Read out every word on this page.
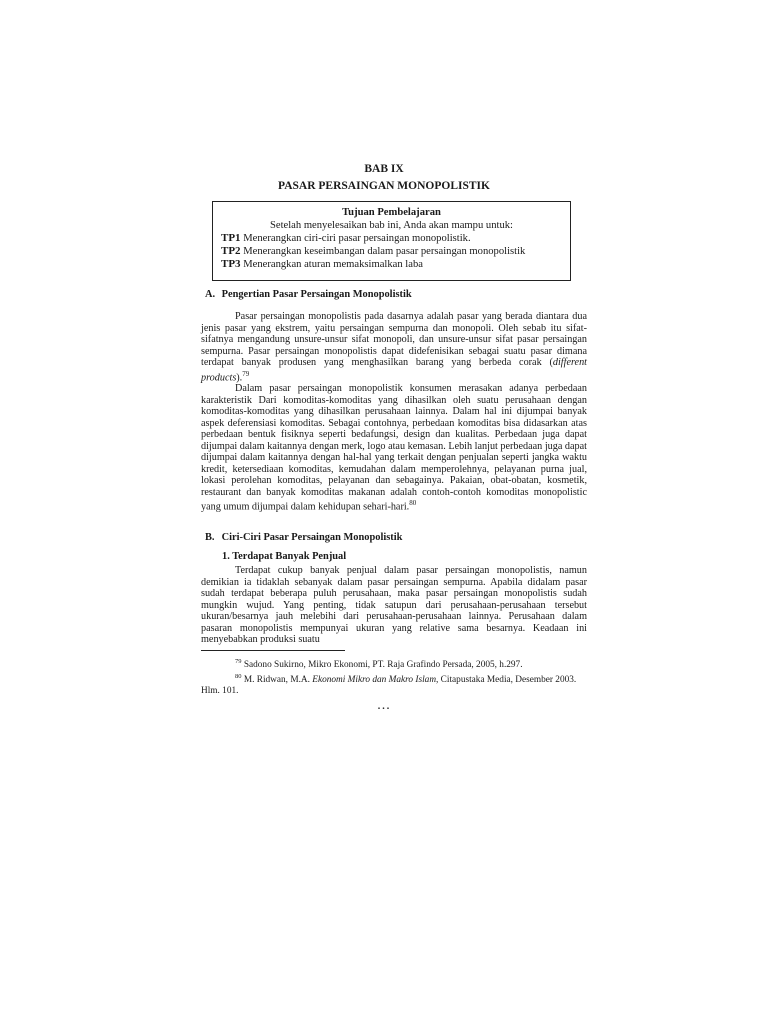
BAB IX
PASAR PERSAINGAN MONOPOLISTIK
Tujuan Pembelajaran
Setelah menyelesaikan bab ini, Anda akan mampu untuk:
TP1 Menerangkan ciri-ciri pasar persaingan monopolistik.
TP2 Menerangkan keseimbangan dalam pasar persaingan monopolistik
TP3 Menerangkan aturan memaksimalkan laba
A. Pengertian Pasar Persaingan Monopolistik

Pasar persaingan monopolistis pada dasarnya adalah pasar yang berada diantara dua jenis pasar yang ekstrem, yaitu persaingan sempurna dan monopoli. Oleh sebab itu sifat-sifatnya mengandung unsure-unsur sifat monopoli, dan unsure-unsur sifat pasar persaingan sempurna. Pasar persaingan monopolistis dapat didefenisikan sebagai suatu pasar dimana terdapat banyak produsen yang menghasilkan barang yang berbeda corak (different products).$^{79}$

Dalam pasar persaingan monopolistik konsumen merasakan adanya perbedaan karakteristik Dari komoditas-komoditas yang dihasilkan oleh suatu perusahaan dengan komoditas-komoditas yang dihasilkan perusahaan lainnya. Dalam hal ini dijumpai banyak aspek deferensiasi komoditas. Sebagai contohnya, perbedaan komoditas bisa didasarkan atas perbedaan bentuk fisiknya seperti bedafungsi, design dan kualitas. Perbedaan juga dapat dijumpai dalam kaitannya dengan merk, logo atau kemasan. Lebih lanjut perbedaan juga dapat dijumpai dalam kaitannya dengan hal-hal yang terkait dengan penjualan seperti jangka waktu kredit, ketersediaan komoditas, kemudahan dalam memperolehnya, pelayanan purna jual, lokasi perolehan komoditas, pelayanan dan sebagainya. Pakaian, obat-obatan, kosmetik, restaurant dan banyak komoditas makanan adalah contoh-contoh komoditas monopolistic yang umum dijumpai dalam kehidupan sehari-hari.$^{80}$

B. Ciri-Ciri Pasar Persaingan Monopolistik
1. Terdapat Banyak Penjual

Terdapat cukup banyak penjual dalam pasar persaingan monopolistis, namun demikian ia tidaklah sebanyak dalam pasar persaingan sempurna. Apabila didalam pasar sudah terdapat beberapa puluh perusahaan, maka pasar persaingan monopolistis sudah mungkin wujud. Yang penting, tidak satupun dari perusahaan-perusahaan tersebut ukuran/besarnya jauh melebihi dari perusahaan-perusahaan lainnya. Perusahaan dalam pasaran monopolistis mempunyai ukuran yang relative sama besarnya. Keadaan ini menyebabkan produksi suatu

$^{79}$ Sadono Sukirno, Mikro Ekonomi, PT. Raja Grafindo Persada, 2005, h.297.

$^{80}$ M. Ridwan, M.A. Ekonomi Mikro dan Makro Islam, Citapustaka Media, Desember 2003. Hlm. 101.

...
